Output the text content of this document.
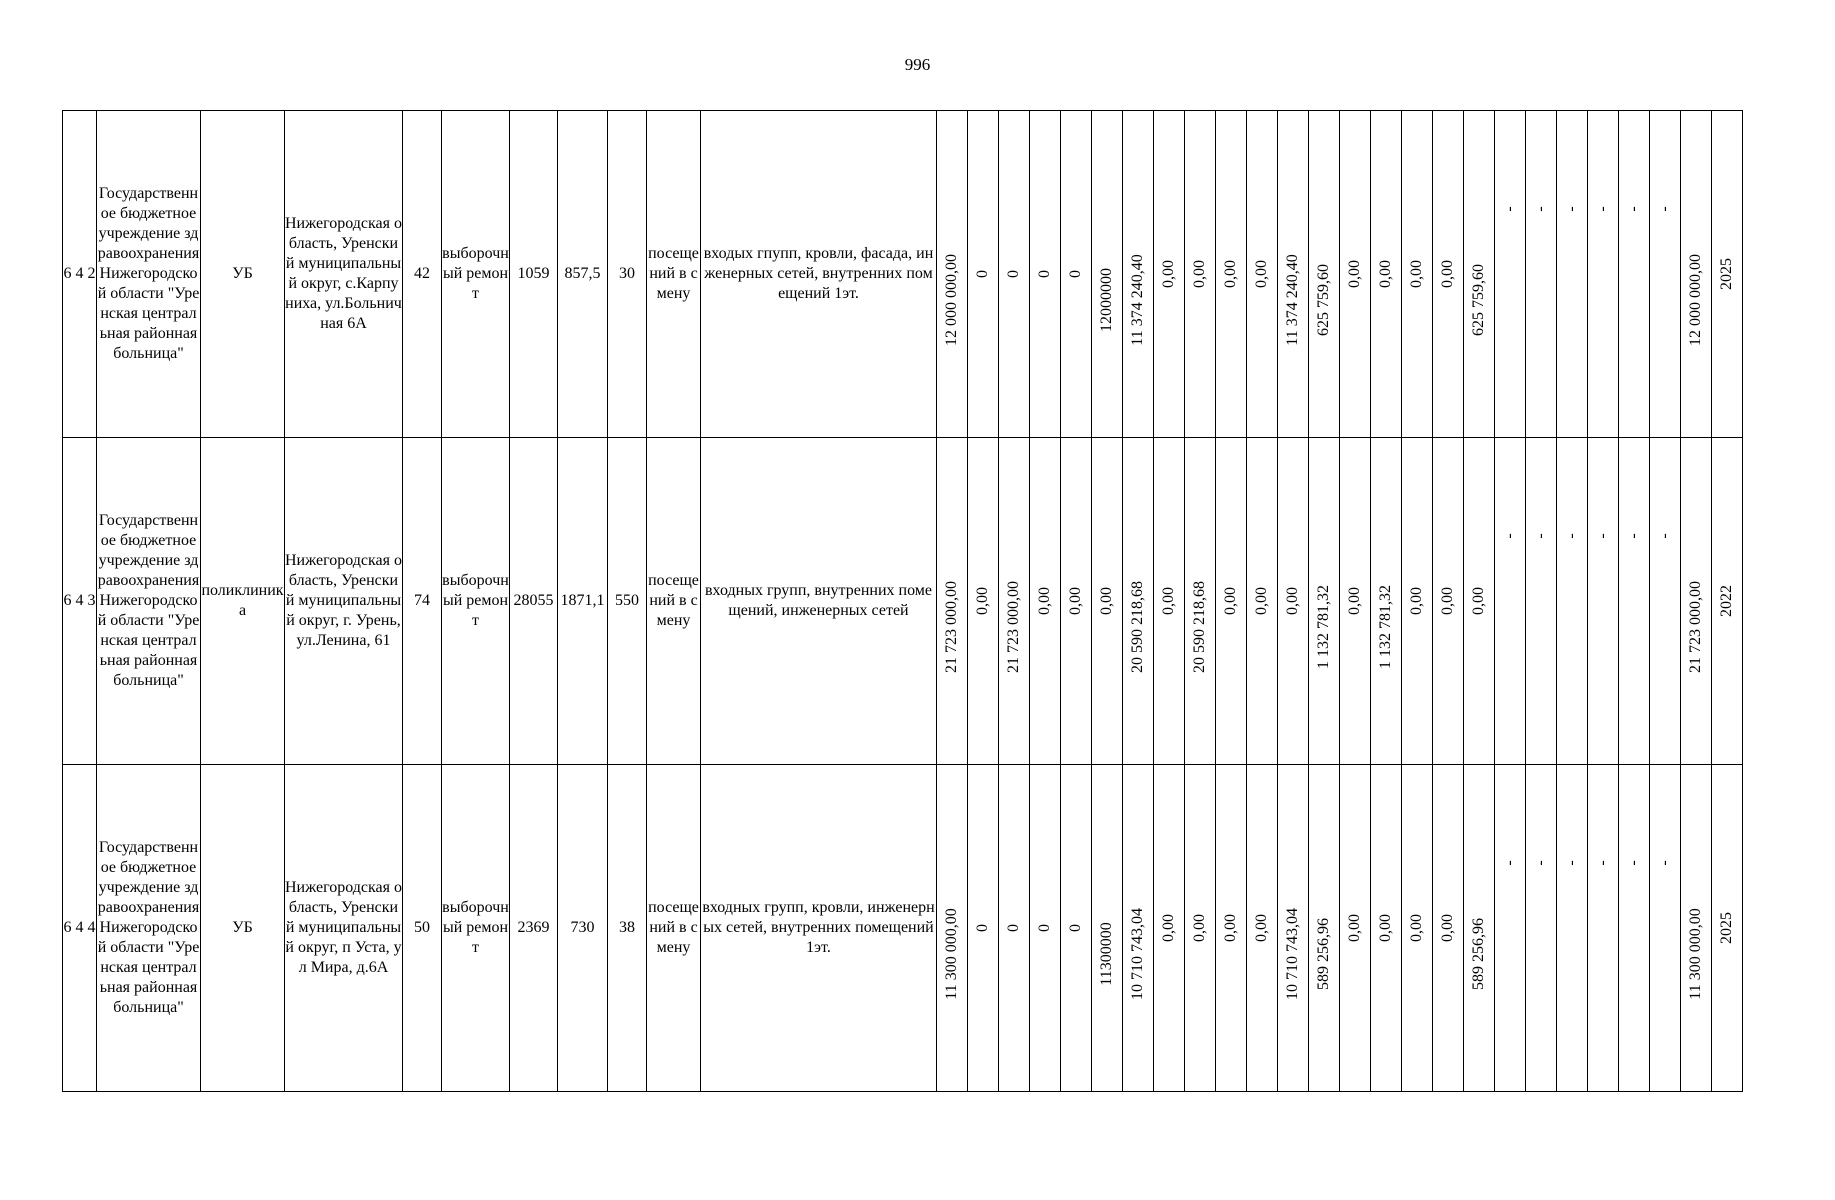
996
6 4 2	Государственное бюджетное учреждение здравоохранения Нижегородской области "Уренская центральная районная больница"	УБ	Нижегородская область, Уренский муниципальный округ, с.Карпуниха, ул.Больничная 6А	42	выборочный ремонт	1059	857,5	30	посещений в смену	входых гпупп, кровли, фасада, инженерных сетей, внутренних помещений 1эт.	12 000 000,00	0	0	0	0	12000000	11 374 240,40	0,00	0,00	0,00	0,00	11 374 240,40	625 759,60	0,00	0,00	0,00	0,00	625 759,60	-	-	-	-	-	-	12 000 000,00	2025

6 4 3	Государственное бюджетное учреждение здравоохранения Нижегородской области "Уренская центральная районная больница"	поликлиника	Нижегородская область, Уренский муниципальный округ, г. Урень, ул.Ленина, 61	74	выборочный ремонт	28055	1871,1	550	посещений в смену	входных групп, внутренних помещений, инженерных сетей	21 723 000,00	0,00	21 723 000,00	0,00	0,00	0,00	20 590 218,68	0,00	20 590 218,68	0,00	0,00	0,00	1 132 781,32	0,00	1 132 781,32	0,00	0,00	0,00	-	-	-	-	-	-	21 723 000,00	2022

6 4 4	Государственное бюджетное учреждение здравоохранения Нижегородской области "Уренская центральная районная больница"	УБ	Нижегородская область, Уренский муниципальный округ, п Уста, ул Мира, д.6А	50	выборочный ремонт	2369	730	38	посещений в смену	входных групп, кровли, инженерных сетей, внутренних помещений 1эт.	11 300 000,00	0	0	0	0	11300000	10 710 743,04	0,00	0,00	0,00	0,00	10 710 743,04	589 256,96	0,00	0,00	0,00	0,00	589 256,96	-	-	-	-	-	-	11 300 000,00	2025
